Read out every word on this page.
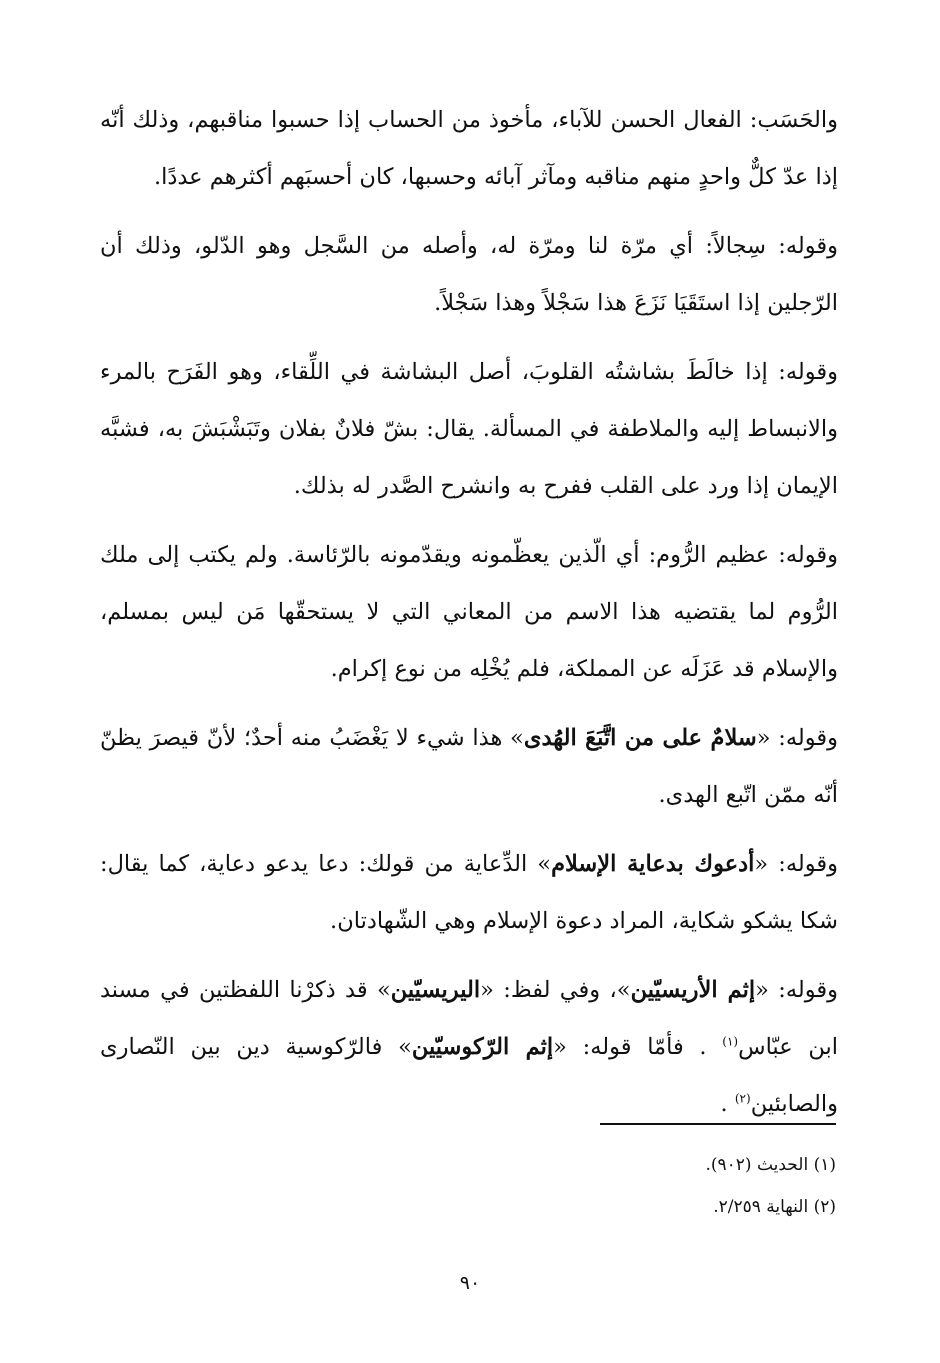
والحَسَب: الفعال الحسن للآباء، مأخوذ من الحساب إذا حسبوا مناقبهم، وذلك أنّه إذا عدّ كلٌّ واحدٍ منهم مناقبه ومآثر آبائه وحسبها، كان أحسبَهم أكثرهم عددًا.

وقوله: سِجالاً: أي مرّة لنا ومرّة له، وأصله من السَّجل وهو الدّلو، وذلك أن الرّجلين إذا استَقَيَا نَزَعَ هذا سَجْلاً وهذا سَجْلاً.

وقوله: إذا خالَطَ بشاشتُه القلوبَ، أصل البشاشة في اللِّقاء، وهو الفَرَح بالمرء والانبساط إليه والملاطفة في المسألة. يقال: بشّ فلانٌ بفلان وتَبَشْبَشَ به، فشبَّه الإيمان إذا ورد على القلب ففرح به وانشرح الصَّدر له بذلك.

وقوله: عظيم الرُّوم: أي الّذين يعظّمونه ويقدّمونه بالرّئاسة. ولم يكتب إلى ملك الرُّوم لما يقتضيه هذا الاسم من المعاني التي لا يستحقّها مَن ليس بمسلم، والإسلام قد عَزَلَه عن المملكة، فلم يُخْلِه من نوع إكرام.

وقوله: «سلامٌ على من اتَّبَعَ الهُدى» هذا شيء لا يَغْضَبُ منه أحدٌ؛ لأنّ قيصرَ يظنّ أنّه ممّن اتّبع الهدى.

وقوله: «أدعوك بدعاية الإسلام» الدِّعاية من قولك: دعا يدعو دعاية، كما يقال: شكا يشكو شكاية، المراد دعوة الإسلام وهي الشّهادتان.

وقوله: «إثم الأريسيّين»، وفي لفظ: «اليريسيّين» قد ذكرْنا اللفظتين في مسند ابن عبّاس$^{(١)}$ . فأمّا قوله: «إثم الرّكوسيّين» فالرّكوسية دين بين النّصارى والصابئين$^{(٢)}$ .

(١) الحديث (٩٠٢).

(٢) النهاية ٢/٢٥٩.

٩٠
